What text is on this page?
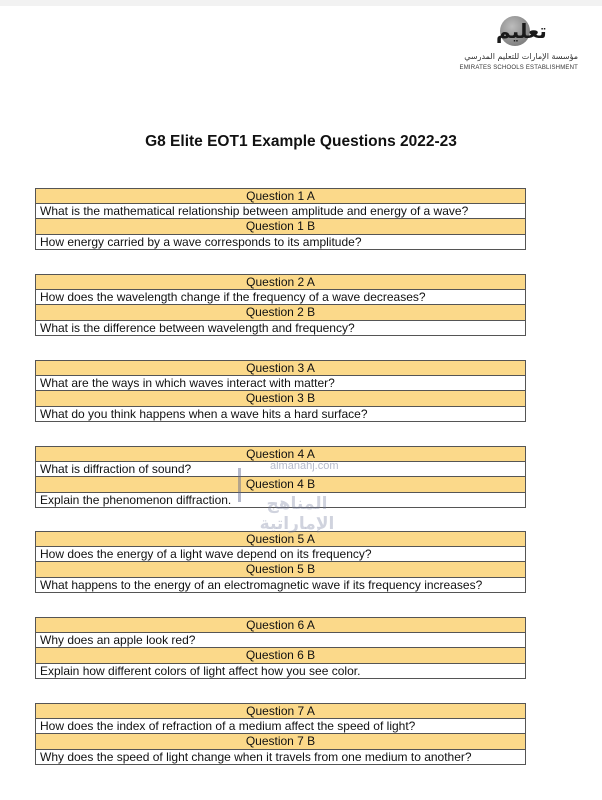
تعليم
مؤسسة الإمارات للتعليم المدرسي
EMIRATES SCHOOLS ESTABLISHMENT
G8 Elite EOT1 Example Questions 2022-23
Question 1 A
What is the mathematical relationship between amplitude and energy of a wave?
Question 1 B
How energy carried by a wave corresponds to its amplitude?
Question 2 A
How does the wavelength change if the frequency of a wave decreases?
Question 2 B
What is the difference between wavelength and frequency?
Question 3 A
What are the ways in which waves interact with matter?
Question 3 B
What do you think happens when a wave hits a hard surface?
Question 4 A
What is diffraction of sound?
Question 4 B
Explain the phenomenon diffraction.
Question 5 A
How does the energy of a light wave depend on its frequency?
Question 5 B
What happens to the energy of an electromagnetic wave if its frequency increases?
Question 6 A
Why does an apple look red?
Question 6 B
Explain how different colors of light affect how you see color.
Question 7 A
How does the index of refraction of a medium affect the speed of light?
Question 7 B
Why does the speed of light change when it travels from one medium to another?
almanahj.com
المناهج الإماراتية
